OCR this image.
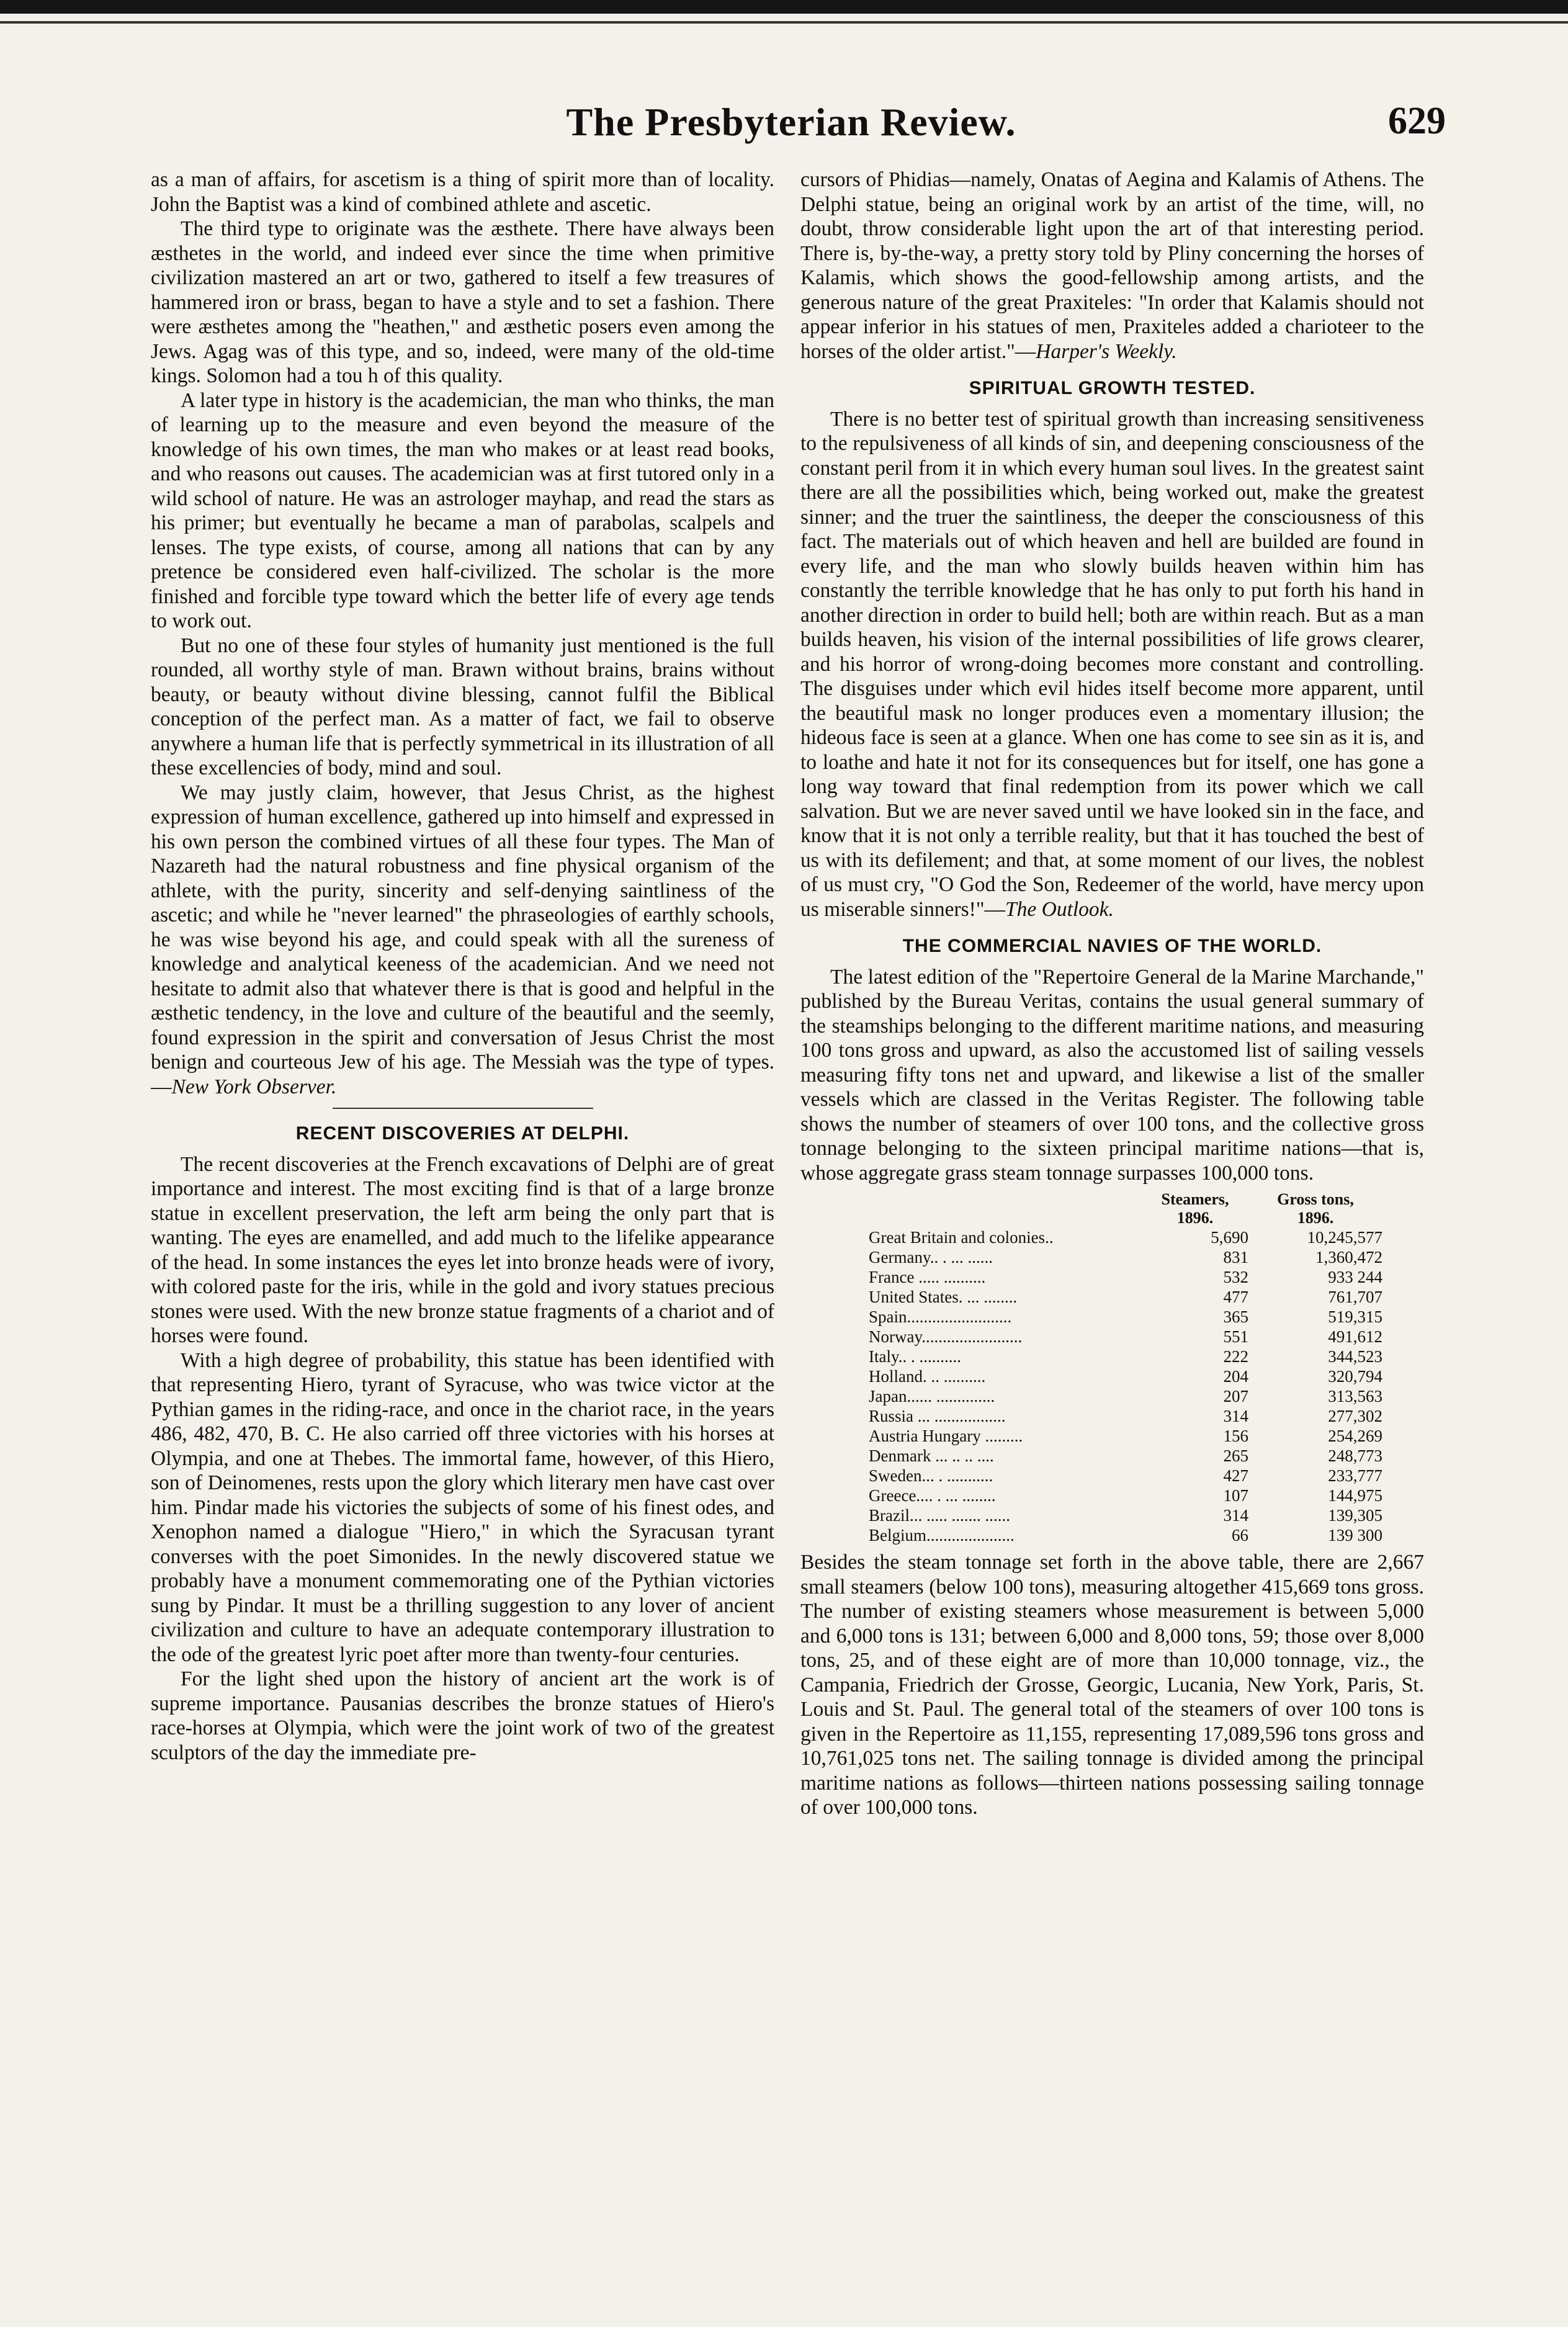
The Presbyterian Review.	629

as a man of affairs, for ascetism is a thing of spirit more than of locality. John the Baptist was a kind of combined athlete and ascetic.

The third type to originate was the æsthete. There have always been æsthetes in the world, and indeed ever since the time when primitive civilization mastered an art or two, gathered to itself a few treasures of hammered iron or brass, began to have a style and to set a fashion. There were æsthetes among the "heathen," and æsthetic posers even among the Jews. Agag was of this type, and so, indeed, were many of the old-time kings. Solomon had a tou h of this quality.

A later type in history is the academician, the man who thinks, the man of learning up to the measure and even beyond the measure of the knowledge of his own times, the man who makes or at least read books, and who reasons out causes. The academician was at first tutored only in a wild school of nature. He was an astrologer mayhap, and read the stars as his primer; but eventually he became a man of parabolas, scalpels and lenses. The type exists, of course, among all nations that can by any pretence be considered even half-civilized. The scholar is the more finished and forcible type toward which the better life of every age tends to work out.

But no one of these four styles of humanity just mentioned is the full rounded, all worthy style of man. Brawn without brains, brains without beauty, or beauty without divine blessing, cannot fulfil the Biblical conception of the perfect man. As a matter of fact, we fail to observe anywhere a human life that is perfectly symmetrical in its illustration of all these excellencies of body, mind and soul.

We may justly claim, however, that Jesus Christ, as the highest expression of human excellence, gathered up into himself and expressed in his own person the combined virtues of all these four types. The Man of Nazareth had the natural robustness and fine physical organism of the athlete, with the purity, sincerity and self-denying saintliness of the ascetic; and while he "never learned" the phraseologies of earthly schools, he was wise beyond his age, and could speak with all the sureness of knowledge and analytical keeness of the academician. And we need not hesitate to admit also that whatever there is that is good and helpful in the æsthetic tendency, in the love and culture of the beautiful and the seemly, found expression in the spirit and conversation of Jesus Christ the most benign and courteous Jew of his age. The Messiah was the type of types.—New York Observer.

RECENT DISCOVERIES AT DELPHI.

The recent discoveries at the French excavations of Delphi are of great importance and interest. The most exciting find is that of a large bronze statue in excellent preservation, the left arm being the only part that is wanting. The eyes are enamelled, and add much to the lifelike appearance of the head. In some instances the eyes let into bronze heads were of ivory, with colored paste for the iris, while in the gold and ivory statues precious stones were used. With the new bronze statue fragments of a chariot and of horses were found.

With a high degree of probability, this statue has been identified with that representing Hiero, tyrant of Syracuse, who was twice victor at the Pythian games in the riding-race, and once in the chariot race, in the years 486, 482, 470, B. C. He also carried off three victories with his horses at Olympia, and one at Thebes. The immortal fame, however, of this Hiero, son of Deinomenes, rests upon the glory which literary men have cast over him. Pindar made his victories the subjects of some of his finest odes, and Xenophon named a dialogue "Hiero," in which the Syracusan tyrant converses with the poet Simonides. In the newly discovered statue we probably have a monument commemorating one of the Pythian victories sung by Pindar. It must be a thrilling suggestion to any lover of ancient civilization and culture to have an adequate contemporary illustration to the ode of the greatest lyric poet after more than twenty-four centuries.

For the light shed upon the history of ancient art the work is of supreme importance. Pausanias describes the bronze statues of Hiero's race-horses at Olympia, which were the joint work of two of the greatest sculptors of the day the immediate pre-

cursors of Phidias—namely, Onatas of Aegina and Kalamis of Athens. The Delphi statue, being an original work by an artist of the time, will, no doubt, throw considerable light upon the art of that interesting period. There is, by-the-way, a pretty story told by Pliny concerning the horses of Kalamis, which shows the good-fellowship among artists, and the generous nature of the great Praxiteles: "In order that Kalamis should not appear inferior in his statues of men, Praxiteles added a charioteer to the horses of the older artist."—Harper's Weekly.

SPIRITUAL GROWTH TESTED.

There is no better test of spiritual growth than increasing sensitiveness to the repulsiveness of all kinds of sin, and deepening consciousness of the constant peril from it in which every human soul lives. In the greatest saint there are all the possibilities which, being worked out, make the greatest sinner; and the truer the saintliness, the deeper the consciousness of this fact. The materials out of which heaven and hell are builded are found in every life, and the man who slowly builds heaven within him has constantly the terrible knowledge that he has only to put forth his hand in another direction in order to build hell; both are within reach. But as a man builds heaven, his vision of the internal possibilities of life grows clearer, and his horror of wrong-doing becomes more constant and controlling. The disguises under which evil hides itself become more apparent, until the beautiful mask no longer produces even a momentary illusion; the hideous face is seen at a glance. When one has come to see sin as it is, and to loathe and hate it not for its consequences but for itself, one has gone a long way toward that final redemption from its power which we call salvation. But we are never saved until we have looked sin in the face, and know that it is not only a terrible reality, but that it has touched the best of us with its defilement; and that, at some moment of our lives, the noblest of us must cry, "O God the Son, Redeemer of the world, have mercy upon us miserable sinners!"—The Outlook.

THE COMMERCIAL NAVIES OF THE WORLD.

The latest edition of the "Repertoire General de la Marine Marchande," published by the Bureau Veritas, contains the usual general summary of the steamships belonging to the different maritime nations, and measuring 100 tons gross and upward, as also the accustomed list of sailing vessels measuring fifty tons net and upward, and likewise a list of the smaller vessels which are classed in the Veritas Register. The following table shows the number of steamers of over 100 tons, and the collective gross tonnage belonging to the sixteen principal maritime nations—that is, whose aggregate grass steam tonnage surpasses 100,000 tons.

	Steamers,	Gross tons,
	1896.	1896.
Great Britain and colonies..	5,690	10,245,577
Germany.. . ... ......	831	1,360,472
France ..... ..........	532	933 244
United States. ... ........	477	761,707
Spain.........................	365	519,315
Norway........................	551	491,612
Italy.. . ..........	222	344,523
Holland. .. ..........	204	320,794
Japan...... ..............	207	313,563
Russia ... .................	314	277,302
Austria Hungary .........	156	254,269
Denmark ... .. .. ....	265	248,773
Sweden... . ...........	427	233,777
Greece.... . ... ........	107	144,975
Brazil... ..... ....... ......	314	139,305
Belgium.....................	66	139 300

Besides the steam tonnage set forth in the above table, there are 2,667 small steamers (below 100 tons), measuring altogether 415,669 tons gross. The number of existing steamers whose measurement is between 5,000 and 6,000 tons is 131; between 6,000 and 8,000 tons, 59; those over 8,000 tons, 25, and of these eight are of more than 10,000 tonnage, viz., the Campania, Friedrich der Grosse, Georgic, Lucania, New York, Paris, St. Louis and St. Paul. The general total of the steamers of over 100 tons is given in the Repertoire as 11,155, representing 17,089,596 tons gross and 10,761,025 tons net. The sailing tonnage is divided among the principal maritime nations as follows—thirteen nations possessing sailing tonnage of over 100,000 tons.
